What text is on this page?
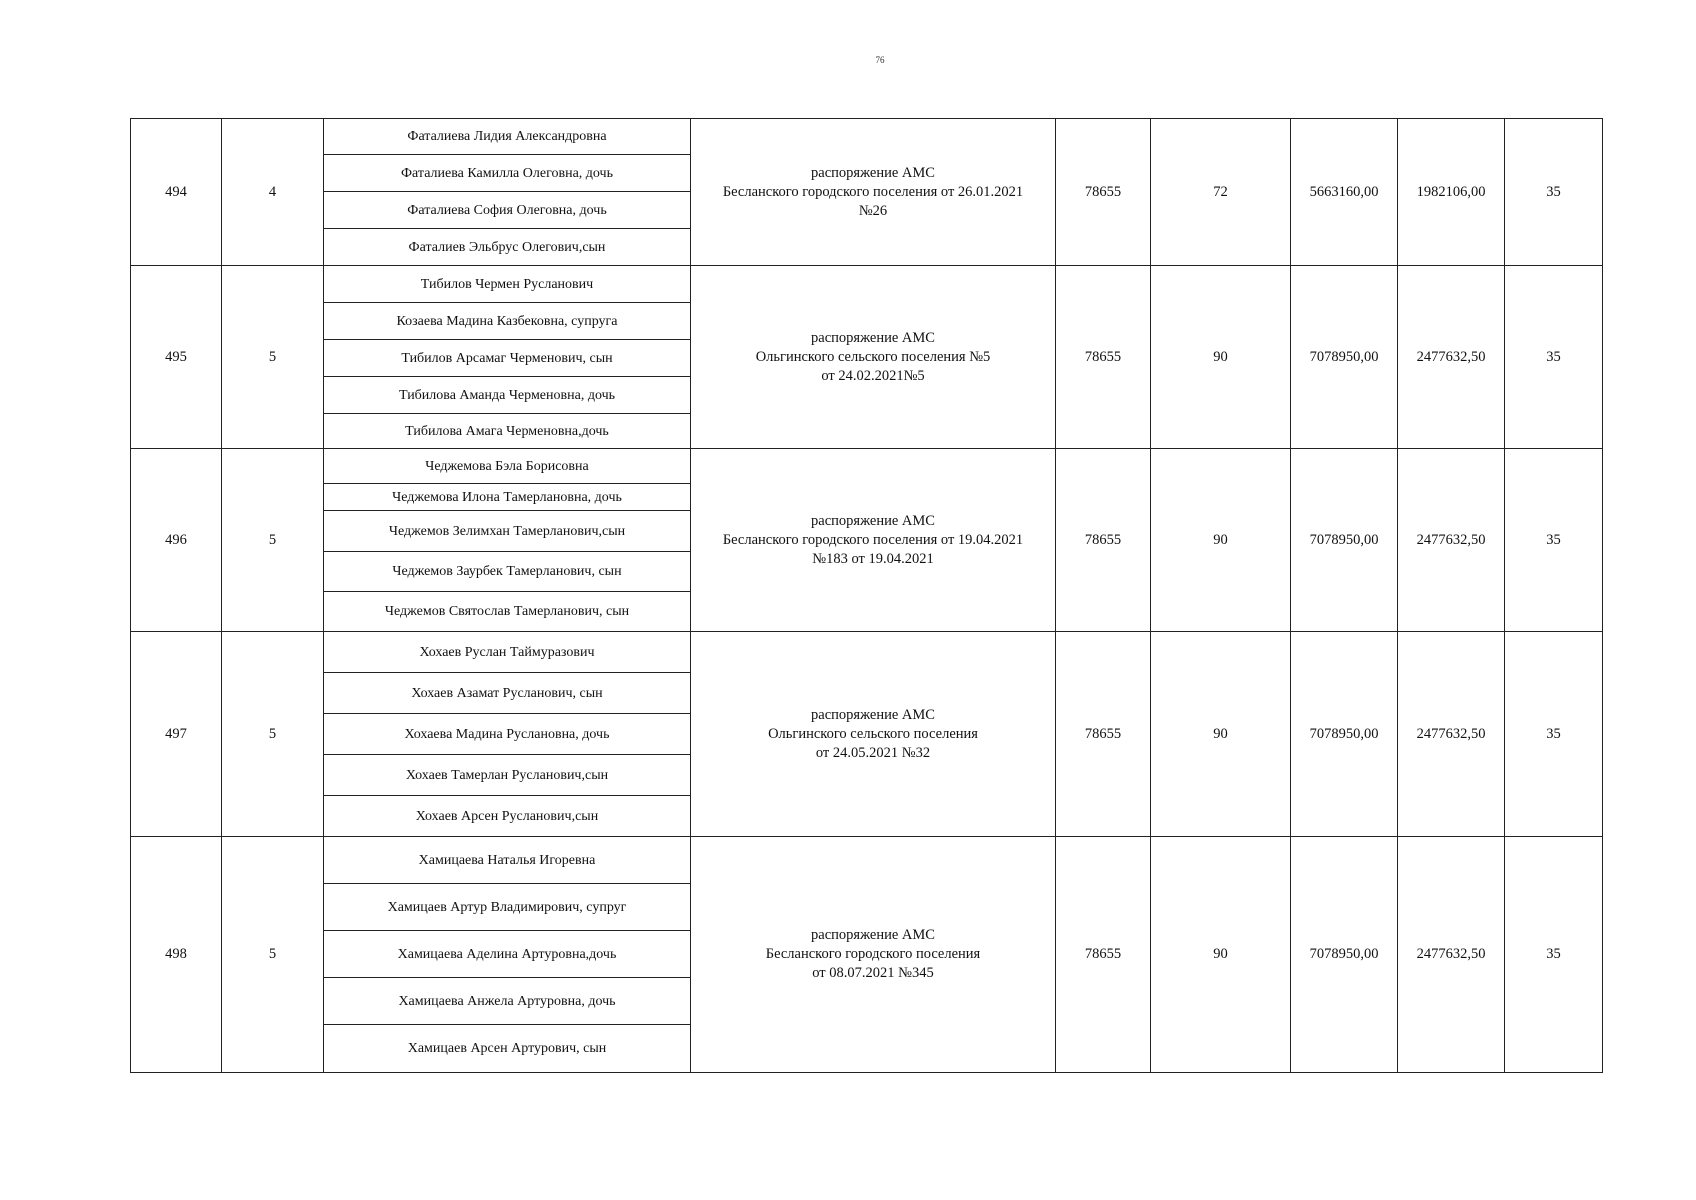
76
494	4	Фаталиева Лидия Александровна	распоряжение АМС
Бесланского городского поселения от 26.01.2021
№26	78655	72	5663160,00	1982106,00	35
		Фаталиева Камилла Олеговна, дочь						
		Фаталиева София Олеговна, дочь						
		Фаталиев Эльбрус Олегович,сын						
495	5	Тибилов Чермен Русланович	распоряжение АМС
Ольгинского сельского поселения №5
от 24.02.2021№5	78655	90	7078950,00	2477632,50	35
		Козаева Мадина Казбековна, супруга						
		Тибилов Арсамаг Черменович, сын						
		Тибилова Аманда Черменовна, дочь						
		Тибилова Амага Черменовна,дочь						
496	5	Чеджемова Бэла Борисовна	распоряжение АМС
Бесланского городского поселения от 19.04.2021
№183 от 19.04.2021	78655	90	7078950,00	2477632,50	35
		Чеджемова Илона Тамерлановна, дочь						
		Чеджемов Зелимхан Тамерланович,сын						
		Чеджемов Заурбек Тамерланович, сын						
		Чеджемов Святослав Тамерланович, сын						
497	5	Хохаев Руслан Таймуразович	распоряжение АМС
Ольгинского сельского поселения
от 24.05.2021 №32	78655	90	7078950,00	2477632,50	35
		Хохаев Азамат Русланович, сын						
		Хохаева Мадина Руслановна, дочь						
		Хохаев Тамерлан Русланович,сын						
		Хохаев Арсен Русланович,сын						
498	5	Хамицаева Наталья Игоревна	распоряжение АМС
Бесланского городского поселения
от 08.07.2021 №345	78655	90	7078950,00	2477632,50	35
		Хамицаев Артур Владимирович, супруг						
		Хамицаева Аделина Артуровна,дочь						
		Хамицаева Анжела Артуровна, дочь						
		Хамицаев Арсен Артурович, сын						
